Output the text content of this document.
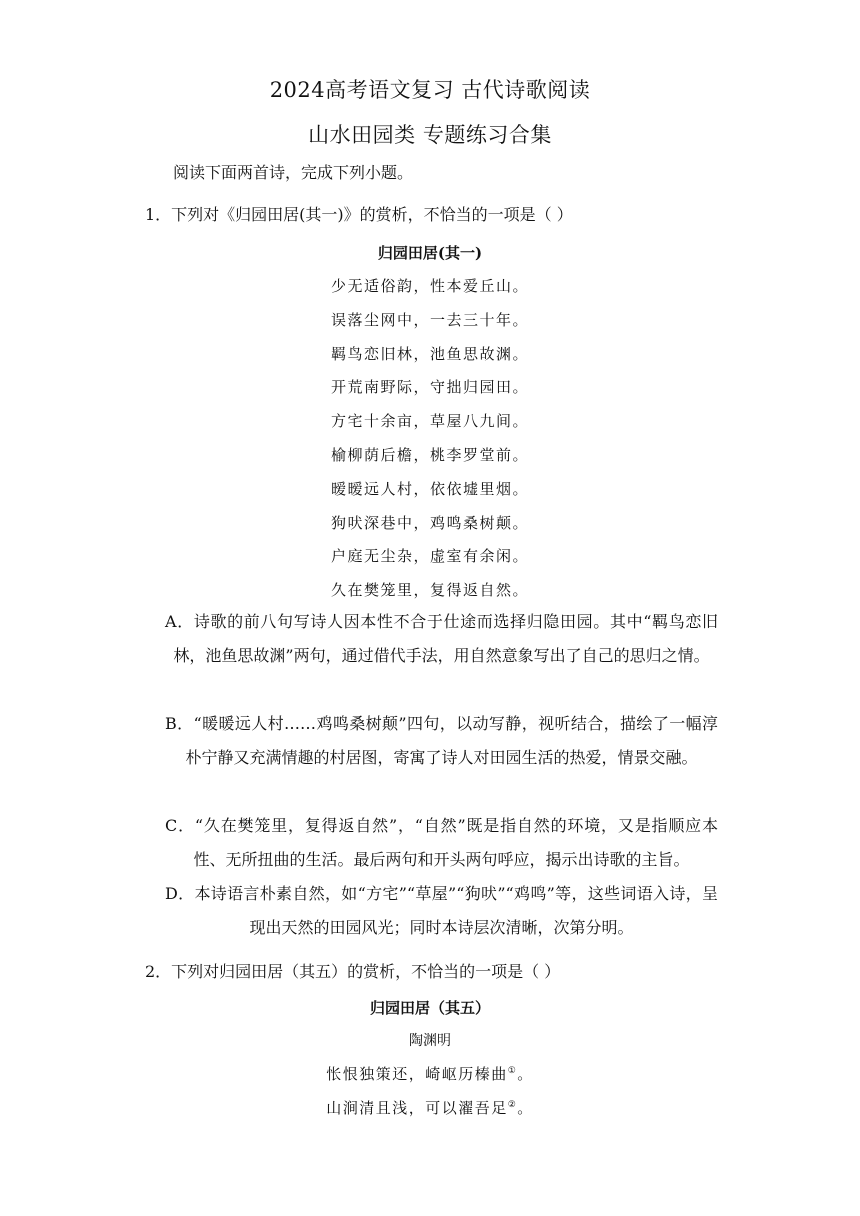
2024高考语文复习 古代诗歌阅读
山水田园类 专题练习合集
阅读下面两首诗，完成下列小题。
1．下列对《归园田居(其一)》的赏析，不恰当的一项是（ ）
归园田居(其一)
少无适俗韵，性本爱丘山。
误落尘网中，一去三十年。
羁鸟恋旧林，池鱼思故渊。
开荒南野际，守拙归园田。
方宅十余亩，草屋八九间。
榆柳荫后檐，桃李罗堂前。
暧暧远人村，依依墟里烟。
狗吠深巷中，鸡鸣桑树颠。
户庭无尘杂，虚室有余闲。
久在樊笼里，复得返自然。
A．诗歌的前八句写诗人因本性不合于仕途而选择归隐田园。其中“羁鸟恋旧林，池鱼思故渊”两句，通过借代手法，用自然意象写出了自己的思归之情。
B．“暖暖远人村……鸡鸣桑树颠”四句，以动写静，视听结合，描绘了一幅淳朴宁静又充满情趣的村居图，寄寓了诗人对田园生活的热爱，情景交融。
C．“久在樊笼里，复得返自然”，“自然”既是指自然的环境，又是指顺应本性、无所扭曲的生活。最后两句和开头两句呼应，揭示出诗歌的主旨。
D．本诗语言朴素自然，如“方宅”“草屋”“狗吠”“鸡鸣”等，这些词语入诗，呈现出天然的田园风光；同时本诗层次清晰，次第分明。
2．下列对归园田居（其五）的赏析，不恰当的一项是（ ）
归园田居（其五）
陶渊明
怅恨独策还，崎岖历榛曲①。
山涧清且浅，可以濯吾足②。
